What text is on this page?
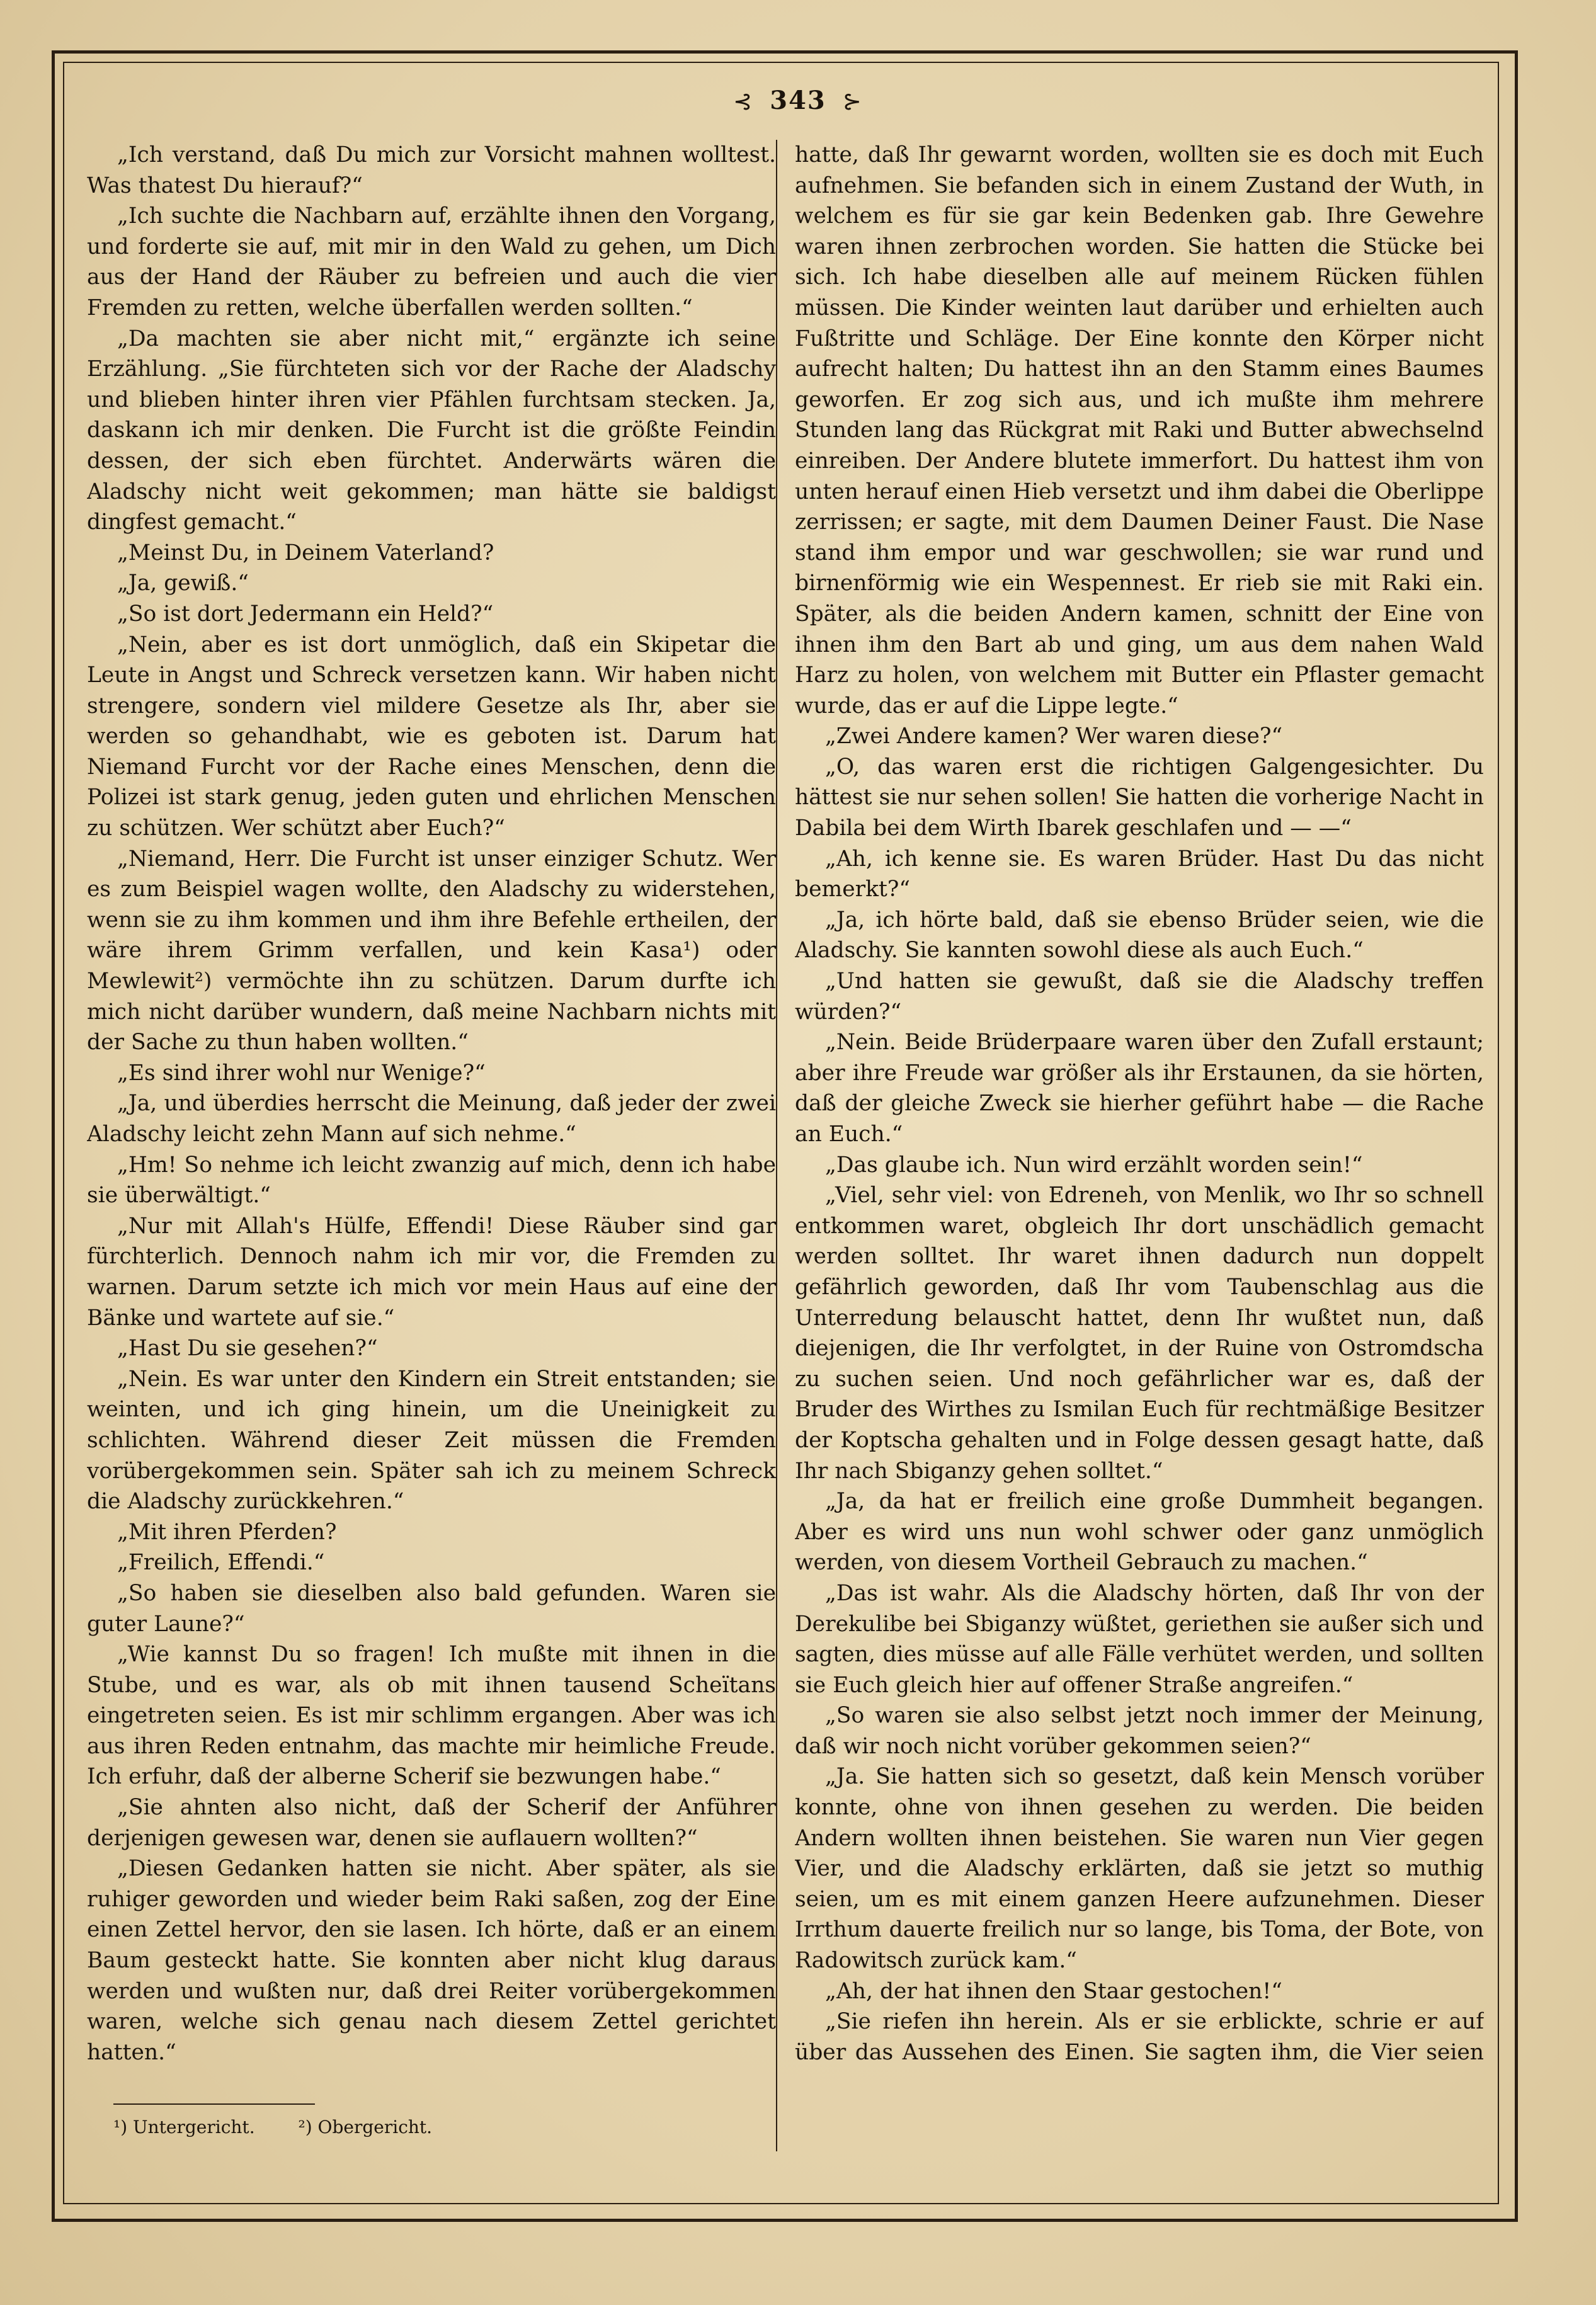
⊰ 343 ⊱

„Ich verstand, daß Du mich zur Vorsicht mahnen wolltest. Was thatest Du hierauf?“

„Ich suchte die Nachbarn auf, erzählte ihnen den Vorgang, und forderte sie auf, mit mir in den Wald zu gehen, um Dich aus der Hand der Räuber zu befreien und auch die vier Fremden zu retten, welche überfallen werden sollten.“

„Da machten sie aber nicht mit,“ ergänzte ich seine Erzählung. „Sie fürchteten sich vor der Rache der Aladschy und blieben hinter ihren vier Pfählen furchtsam stecken. Ja, daskann ich mir denken. Die Furcht ist die größte Feindin dessen, der sich eben fürchtet. Anderwärts wären die Aladschy nicht weit gekommen; man hätte sie baldigst dingfest gemacht.“

„Meinst Du, in Deinem Vaterland?

„Ja, gewiß.“

„So ist dort Jedermann ein Held?“

„Nein, aber es ist dort unmöglich, daß ein Skipetar die Leute in Angst und Schreck versetzen kann. Wir haben nicht strengere, sondern viel mildere Gesetze als Ihr, aber sie werden so gehandhabt, wie es geboten ist. Darum hat Niemand Furcht vor der Rache eines Menschen, denn die Polizei ist stark genug, jeden guten und ehrlichen Menschen zu schützen. Wer schützt aber Euch?“

„Niemand, Herr. Die Furcht ist unser einziger Schutz. Wer es zum Beispiel wagen wollte, den Aladschy zu widerstehen, wenn sie zu ihm kommen und ihm ihre Befehle ertheilen, der wäre ihrem Grimm verfallen, und kein Kasa¹) oder Mewlewit²) vermöchte ihn zu schützen. Darum durfte ich mich nicht darüber wundern, daß meine Nachbarn nichts mit der Sache zu thun haben wollten.“

„Es sind ihrer wohl nur Wenige?“

„Ja, und überdies herrscht die Meinung, daß jeder der zwei Aladschy leicht zehn Mann auf sich nehme.“

„Hm! So nehme ich leicht zwanzig auf mich, denn ich habe sie überwältigt.“

„Nur mit Allah's Hülfe, Effendi! Diese Räuber sind gar fürchterlich. Dennoch nahm ich mir vor, die Fremden zu warnen. Darum setzte ich mich vor mein Haus auf eine der Bänke und wartete auf sie.“

„Hast Du sie gesehen?“

„Nein. Es war unter den Kindern ein Streit entstanden; sie weinten, und ich ging hinein, um die Uneinigkeit zu schlichten. Während dieser Zeit müssen die Fremden vorübergekommen sein. Später sah ich zu meinem Schreck die Aladschy zurückkehren.“

„Mit ihren Pferden?

„Freilich, Effendi.“

„So haben sie dieselben also bald gefunden. Waren sie guter Laune?“

„Wie kannst Du so fragen! Ich mußte mit ihnen in die Stube, und es war, als ob mit ihnen tausend Scheïtans eingetreten seien. Es ist mir schlimm ergangen. Aber was ich aus ihren Reden entnahm, das machte mir heimliche Freude. Ich erfuhr, daß der alberne Scherif sie bezwungen habe.“

„Sie ahnten also nicht, daß der Scherif der Anführer derjenigen gewesen war, denen sie auflauern wollten?“

„Diesen Gedanken hatten sie nicht. Aber später, als sie ruhiger geworden und wieder beim Raki saßen, zog der Eine einen Zettel hervor, den sie lasen. Ich hörte, daß er an einem Baum gesteckt hatte. Sie konnten aber nicht klug daraus werden und wußten nur, daß drei Reiter vorübergekommen waren, welche sich genau nach diesem Zettel gerichtet hatten.“

hatte, daß Ihr gewarnt worden, wollten sie es doch mit Euch aufnehmen. Sie befanden sich in einem Zustand der Wuth, in welchem es für sie gar kein Bedenken gab. Ihre Gewehre waren ihnen zerbrochen worden. Sie hatten die Stücke bei sich. Ich habe dieselben alle auf meinem Rücken fühlen müssen. Die Kinder weinten laut darüber und erhielten auch Fußtritte und Schläge. Der Eine konnte den Körper nicht aufrecht halten; Du hattest ihn an den Stamm eines Baumes geworfen. Er zog sich aus, und ich mußte ihm mehrere Stunden lang das Rückgrat mit Raki und Butter abwechselnd einreiben. Der Andere blutete immerfort. Du hattest ihm von unten herauf einen Hieb versetzt und ihm dabei die Oberlippe zerrissen; er sagte, mit dem Daumen Deiner Faust. Die Nase stand ihm empor und war geschwollen; sie war rund und birnenförmig wie ein Wespennest. Er rieb sie mit Raki ein. Später, als die beiden Andern kamen, schnitt der Eine von ihnen ihm den Bart ab und ging, um aus dem nahen Wald Harz zu holen, von welchem mit Butter ein Pflaster gemacht wurde, das er auf die Lippe legte.“

„Zwei Andere kamen? Wer waren diese?“

„O, das waren erst die richtigen Galgengesichter. Du hättest sie nur sehen sollen! Sie hatten die vorherige Nacht in Dabila bei dem Wirth Ibarek geschlafen und — —“

„Ah, ich kenne sie. Es waren Brüder. Hast Du das nicht bemerkt?“

„Ja, ich hörte bald, daß sie ebenso Brüder seien, wie die Aladschy. Sie kannten sowohl diese als auch Euch.“

„Und hatten sie gewußt, daß sie die Aladschy treffen würden?“

„Nein. Beide Brüderpaare waren über den Zufall erstaunt; aber ihre Freude war größer als ihr Erstaunen, da sie hörten, daß der gleiche Zweck sie hierher geführt habe — die Rache an Euch.“

„Das glaube ich. Nun wird erzählt worden sein!“

„Viel, sehr viel: von Edreneh, von Menlik, wo Ihr so schnell entkommen waret, obgleich Ihr dort unschädlich gemacht werden solltet. Ihr waret ihnen dadurch nun doppelt gefährlich geworden, daß Ihr vom Taubenschlag aus die Unterredung belauscht hattet, denn Ihr wußtet nun, daß diejenigen, die Ihr verfolgtet, in der Ruine von Ostromdscha zu suchen seien. Und noch gefährlicher war es, daß der Bruder des Wirthes zu Ismilan Euch für rechtmäßige Besitzer der Koptscha gehalten und in Folge dessen gesagt hatte, daß Ihr nach Sbiganzy gehen solltet.“

„Ja, da hat er freilich eine große Dummheit begangen. Aber es wird uns nun wohl schwer oder ganz unmöglich werden, von diesem Vortheil Gebrauch zu machen.“

„Das ist wahr. Als die Aladschy hörten, daß Ihr von der Derekulibe bei Sbiganzy wüßtet, geriethen sie außer sich und sagten, dies müsse auf alle Fälle verhütet werden, und sollten sie Euch gleich hier auf offener Straße angreifen.“

„So waren sie also selbst jetzt noch immer der Meinung, daß wir noch nicht vorüber gekommen seien?“

„Ja. Sie hatten sich so gesetzt, daß kein Mensch vorüber konnte, ohne von ihnen gesehen zu werden. Die beiden Andern wollten ihnen beistehen. Sie waren nun Vier gegen Vier, und die Aladschy erklärten, daß sie jetzt so muthig seien, um es mit einem ganzen Heere aufzunehmen. Dieser Irrthum dauerte freilich nur so lange, bis Toma, der Bote, von Radowitsch zurück kam.“

„Ah, der hat ihnen den Staar gestochen!“

„Sie riefen ihn herein. Als er sie erblickte, schrie er auf über das Aussehen des Einen. Sie sagten ihm, die Vier seien

¹) Untergericht. ²) Obergericht.
